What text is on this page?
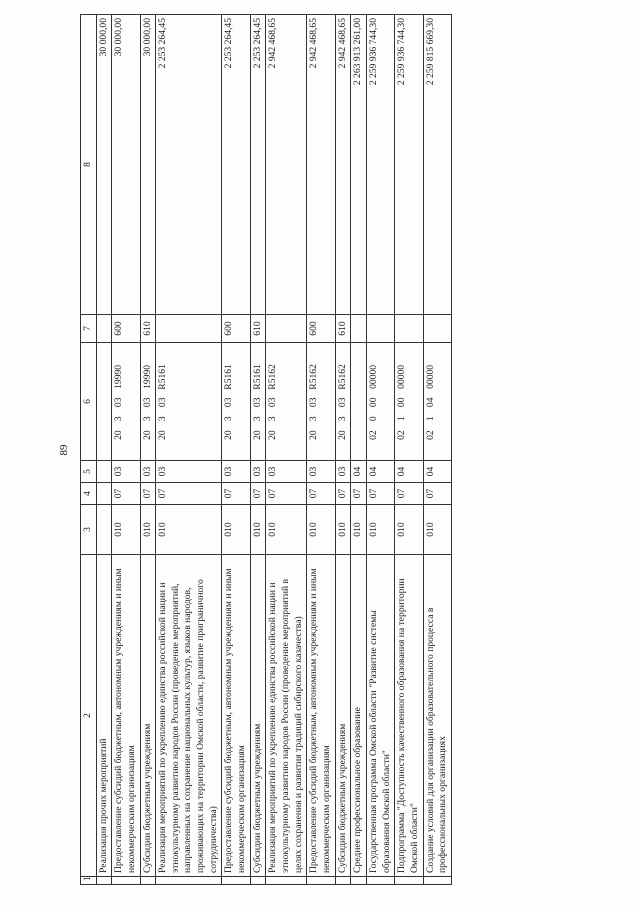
89
1	2	3	4	5	6	7	8
	Реализация прочих мероприятий						30 000,00
	Предоставление субсидий бюджетным, автономным учреждениям и иным некоммерческим организациям	010	07	03	20 3 03 19990	600	30 000,00
	Субсидии бюджетным учреждениям	010	07	03	20 3 03 19990	610	30 000,00
	Реализация мероприятий по укреплению единства российской нации и этнокультурному развитию народов России (проведение мероприятий, направленных на сохранение национальных культур, языков народов, проживающих на территории Омской области, развитие приграничного сотрудничества)	010	07	03	20 3 03 R5161		2 253 264,45
	Предоставление субсидий бюджетным, автономным учреждениям и иным некоммерческим организациям	010	07	03	20 3 03 R5161	600	2 253 264,45
	Субсидии бюджетным учреждениям	010	07	03	20 3 03 R5161	610	2 253 264,45
	Реализация мероприятий по укреплению единства российской нации и этнокультурному развитию народов России (проведение мероприятий в целях сохранения и развития традиций сибирского казачества)	010	07	03	20 3 03 R5162		2 942 468,65
	Предоставление субсидий бюджетным, автономным учреждениям и иным некоммерческим организациям	010	07	03	20 3 03 R5162	600	2 942 468,65
	Субсидии бюджетным учреждениям	010	07	03	20 3 03 R5162	610	2 942 468,65
	Среднее профессиональное образование	010	07	04			2 263 913 261,00
	Государственная программа Омской области "Развитие системы образования Омской области"	010	07	04	02 0 00 00000		2 259 936 744,30
	Подпрограмма "Доступность качественного образования на территории Омской области"	010	07	04	02 1 00 00000		2 259 936 744,30
	Создание условий для организации образовательного процесса в профессиональных организациях	010	07	04	02 1 04 00000		2 259 815 669,30
